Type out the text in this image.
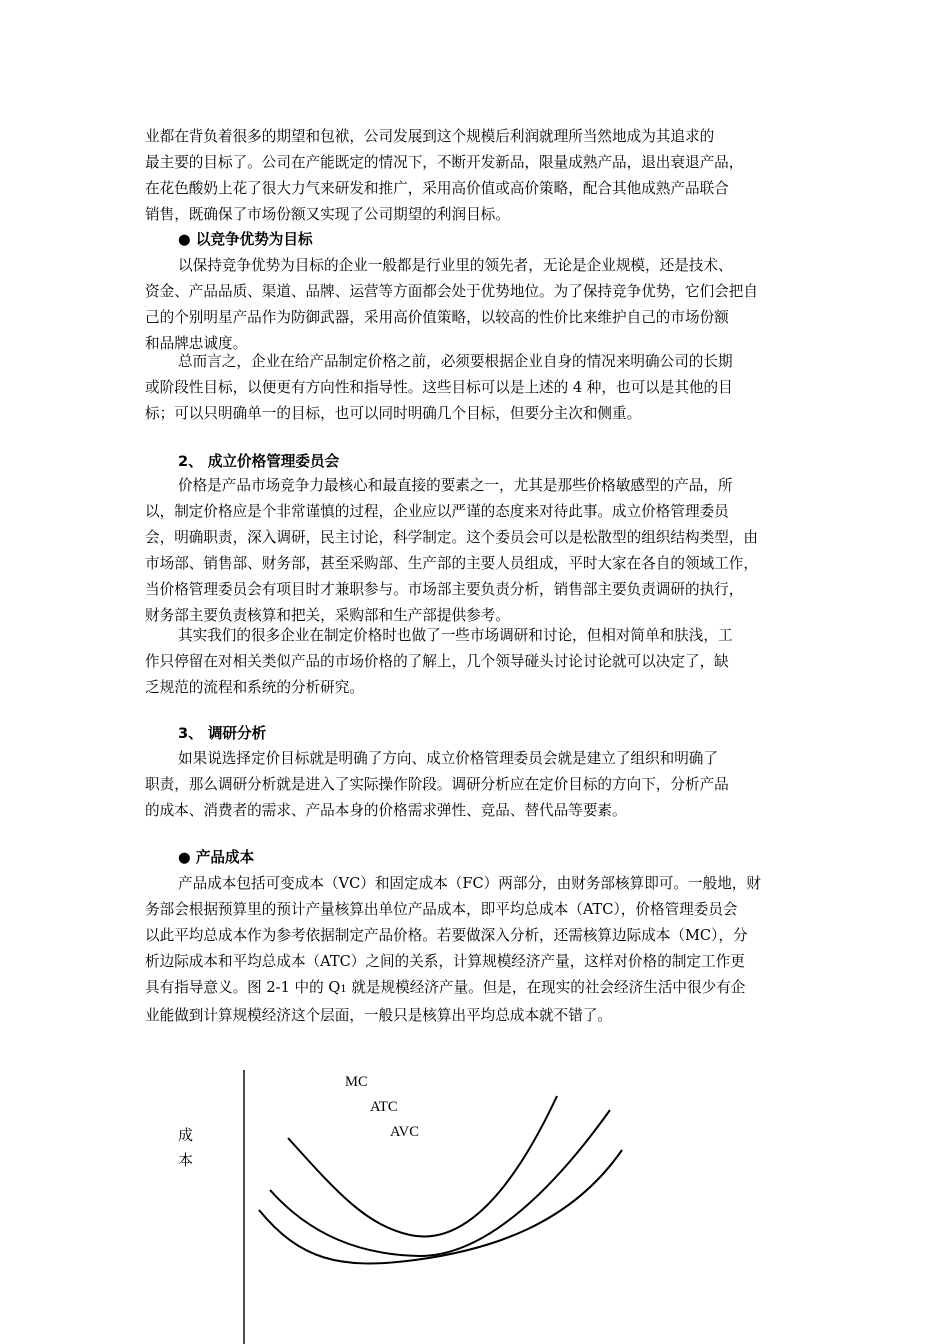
业都在背负着很多的期望和包袱，公司发展到这个规模后利润就理所当然地成为其追求的
最主要的目标了。公司在产能既定的情况下，不断开发新品，限量成熟产品，退出衰退产品，
在花色酸奶上花了很大力气来研发和推广，采用高价值或高价策略，配合其他成熟产品联合
销售，既确保了市场份额又实现了公司期望的利润目标。
● 以竞争优势为目标
以保持竞争优势为目标的企业一般都是行业里的领先者，无论是企业规模，还是技术、
资金、产品品质、渠道、品牌、运营等方面都会处于优势地位。为了保持竞争优势，它们会把自
己的个别明星产品作为防御武器，采用高价值策略，以较高的性价比来维护自己的市场份额
和品牌忠诚度。
总而言之，企业在给产品制定价格之前，必须要根据企业自身的情况来明确公司的长期
或阶段性目标，以便更有方向性和指导性。这些目标可以是上述的 4 种，也可以是其他的目
标；可以只明确单一的目标，也可以同时明确几个目标，但要分主次和侧重。
2、 成立价格管理委员会
价格是产品市场竞争力最核心和最直接的要素之一，尤其是那些价格敏感型的产品，所
以，制定价格应是个非常谨慎的过程，企业应以严谨的态度来对待此事。成立价格管理委员
会，明确职责，深入调研，民主讨论，科学制定。这个委员会可以是松散型的组织结构类型，由
市场部、销售部、财务部，甚至采购部、生产部的主要人员组成，平时大家在各自的领域工作，
当价格管理委员会有项目时才兼职参与。市场部主要负责分析，销售部主要负责调研的执行，
财务部主要负责核算和把关，采购部和生产部提供参考。
其实我们的很多企业在制定价格时也做了一些市场调研和讨论，但相对简单和肤浅，工
作只停留在对相关类似产品的市场价格的了解上，几个领导碰头讨论讨论就可以决定了，缺
乏规范的流程和系统的分析研究。
3、 调研分析
如果说选择定价目标就是明确了方向、成立价格管理委员会就是建立了组织和明确了
职责，那么调研分析就是进入了实际操作阶段。调研分析应在定价目标的方向下，分析产品
的成本、消费者的需求、产品本身的价格需求弹性、竞品、替代品等要素。
● 产品成本
产品成本包括可变成本（VC）和固定成本（FC）两部分，由财务部核算即可。一般地，财
务部会根据预算里的预计产量核算出单位产品成本，即平均总成本（ATC），价格管理委员会
以此平均总成本作为参考依据制定产品价格。若要做深入分析，还需核算边际成本（MC），分
析边际成本和平均总成本（ATC）之间的关系，计算规模经济产量，这样对价格的制定工作更
具有指导意义。图 2-1 中的 Q1 就是规模经济产量。但是，在现实的社会经济生活中很少有企
业能做到计算规模经济这个层面，一般只是核算出平均总成本就不错了。
MC
ATC
AVC
成
本
